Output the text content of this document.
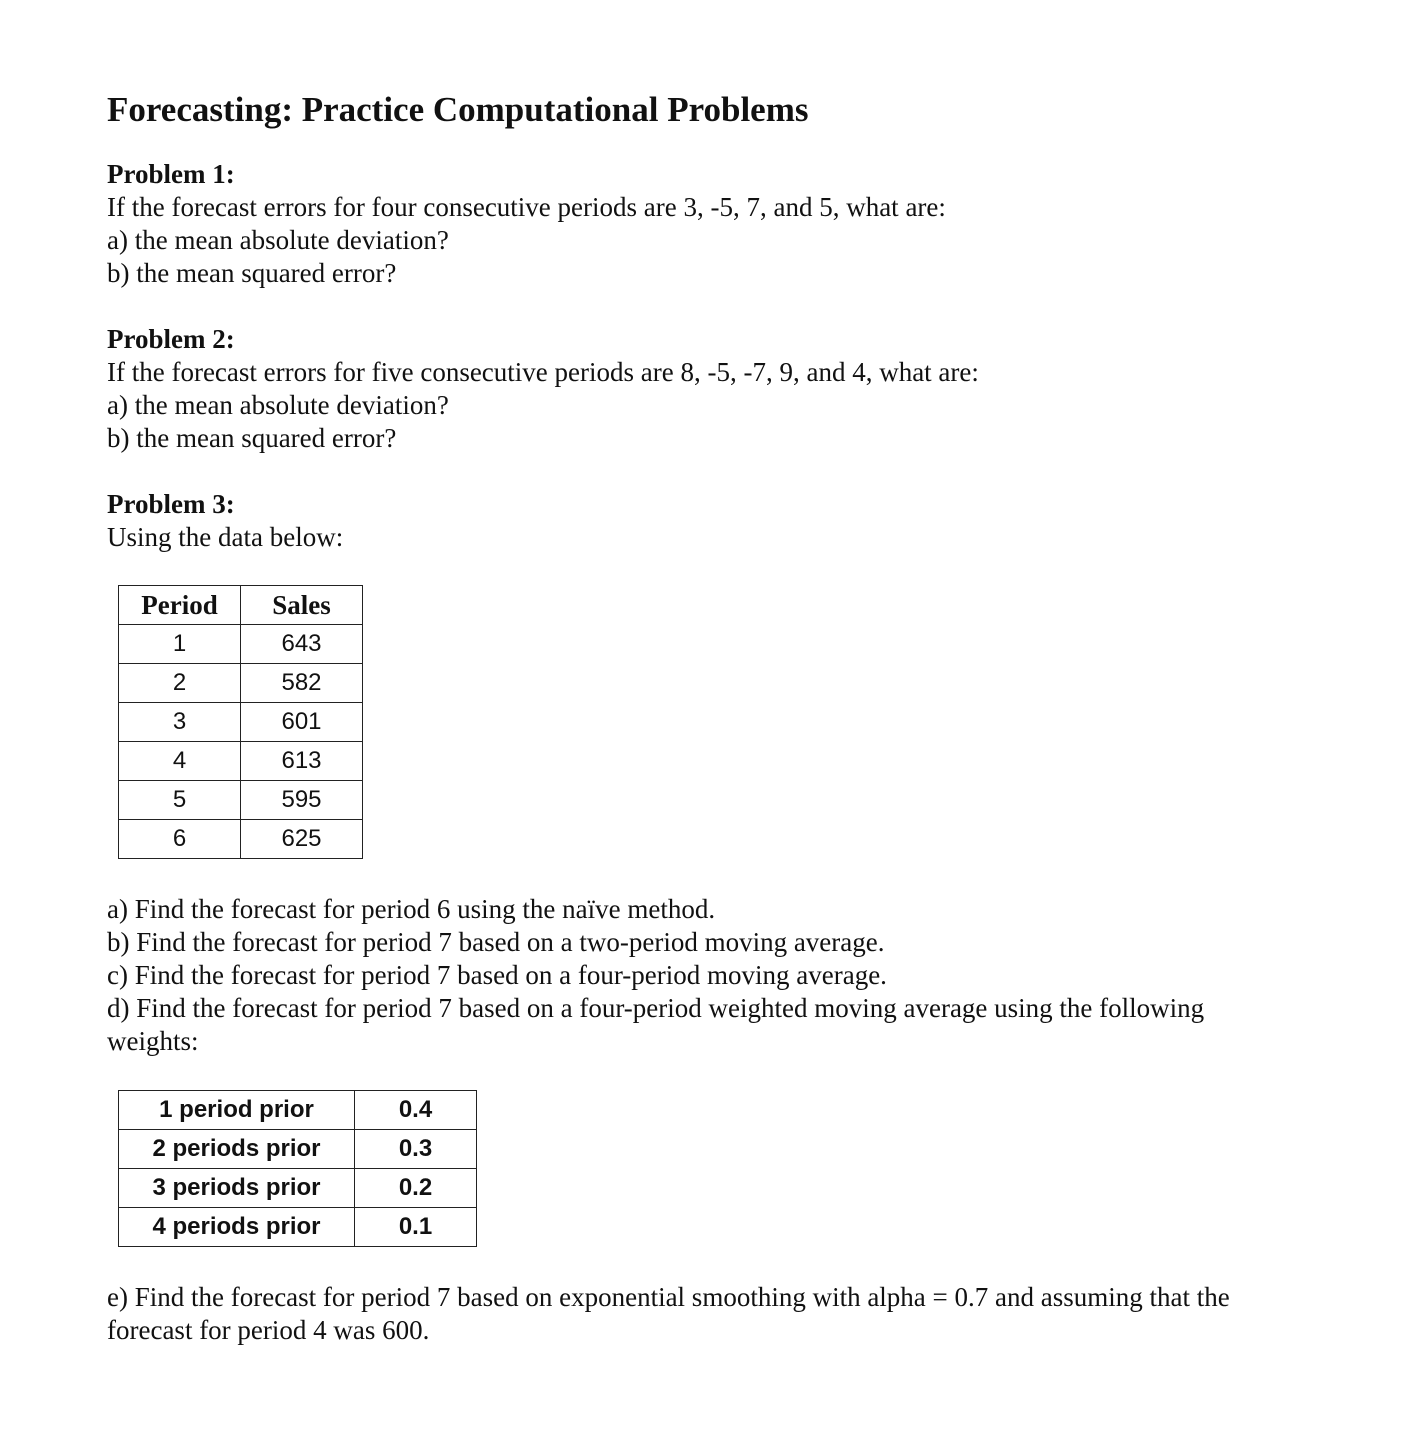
Forecasting: Practice Computational Problems

Problem 1:

If the forecast errors for four consecutive periods are 3, -5, 7, and 5, what are:

a) the mean absolute deviation?

b) the mean squared error?

Problem 2:

If the forecast errors for five consecutive periods are 8, -5, -7, 9, and 4, what are:

a) the mean absolute deviation?

b) the mean squared error?

Problem 3:

Using the data below:

Period	Sales
1	643
2	582
3	601
4	613
5	595
6	625

a) Find the forecast for period 6 using the naïve method.

b) Find the forecast for period 7 based on a two-period moving average.

c) Find the forecast for period 7 based on a four-period moving average.

d) Find the forecast for period 7 based on a four-period weighted moving average using the following weights:

1 period prior	0.4
2 periods prior	0.3
3 periods prior	0.2
4 periods prior	0.1

e) Find the forecast for period 7 based on exponential smoothing with alpha = 0.7 and assuming that the forecast for period 4 was 600.
